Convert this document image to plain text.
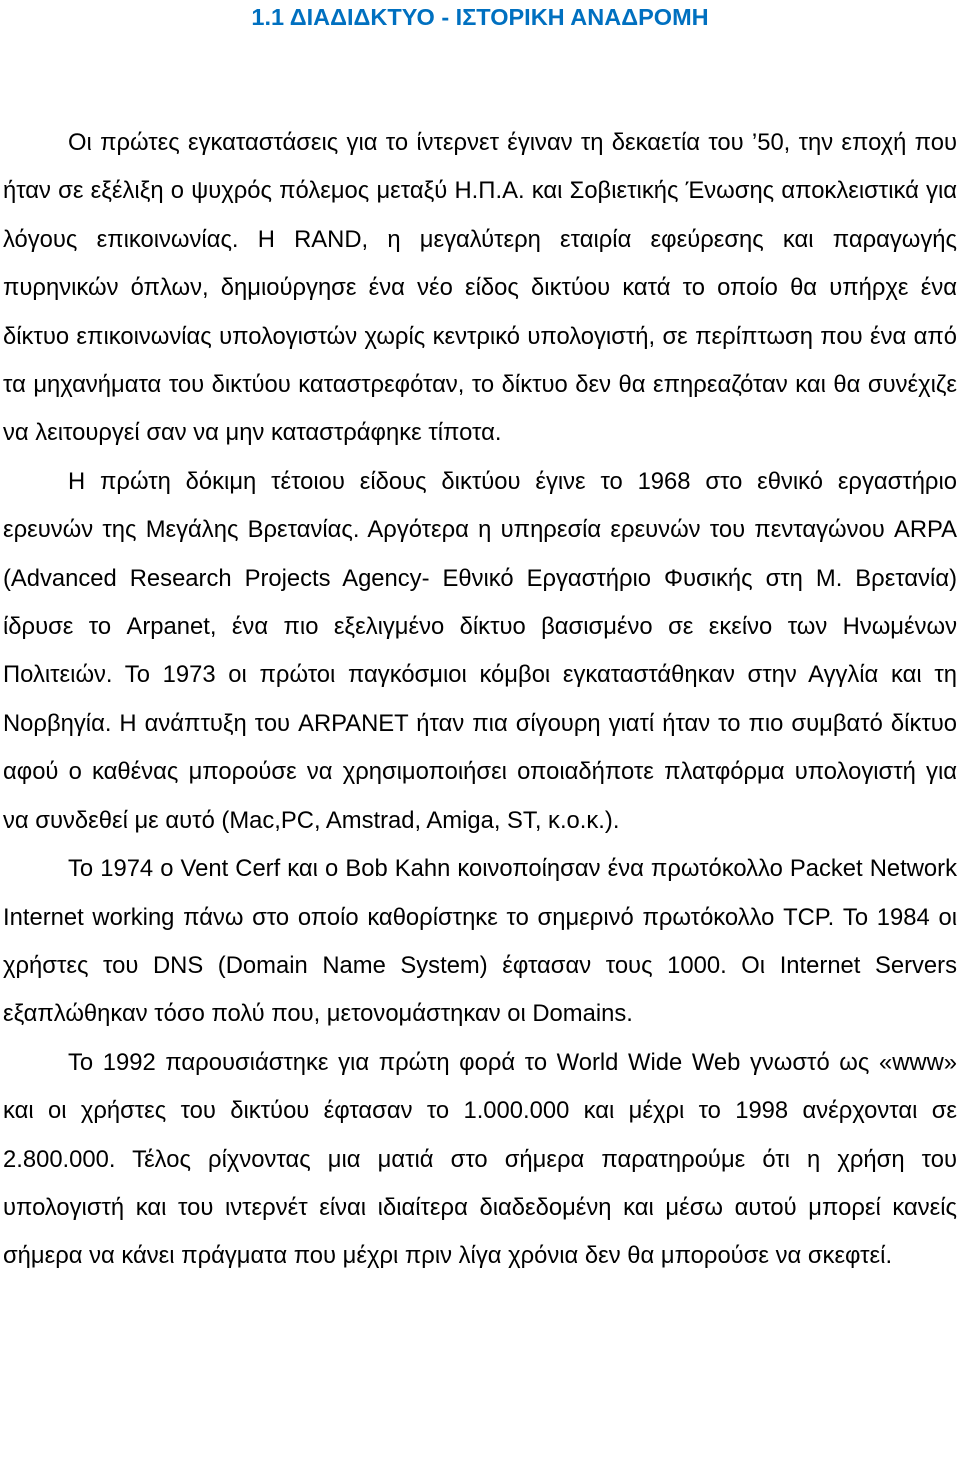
1.1 ΔΙΑΔΙΔΚΤΥΟ - ΙΣΤΟΡΙΚΗ ΑΝΑΔΡΟΜΗ

Οι πρώτες εγκαταστάσεις για το ίντερνετ έγιναν τη δεκαετία του ’50, την εποχή που ήταν σε εξέλιξη ο ψυχρός πόλεμος μεταξύ Η.Π.Α. και Σοβιετικής Ένωσης αποκλειστικά για λόγους επικοινωνίας. Η RAND, η μεγαλύτερη εταιρία εφεύρεσης και παραγωγής πυρηνικών όπλων, δημιούργησε ένα νέο είδος δικτύου κατά το οποίο θα υπήρχε ένα δίκτυο επικοινωνίας υπολογιστών χωρίς κεντρικό υπολογιστή, σε περίπτωση που ένα από τα μηχανήματα του δικτύου καταστρεφόταν, το δίκτυο δεν θα επηρεαζόταν και θα συνέχιζε να λειτουργεί σαν να μην καταστράφηκε τίποτα.

Η πρώτη δόκιμη τέτοιου είδους δικτύου έγινε το 1968 στο εθνικό εργαστήριο ερευνών της Μεγάλης Βρετανίας. Αργότερα η υπηρεσία ερευνών του πενταγώνου ARPA (Advanced Research Projects Agency- Εθνικό Εργαστήριο Φυσικής στη Μ. Βρετανία) ίδρυσε το Arpanet, ένα πιο εξελιγμένο δίκτυο βασισμένο σε εκείνο των Ηνωμένων Πολιτειών. Το 1973 οι πρώτοι παγκόσμιοι κόμβοι εγκαταστάθηκαν στην Αγγλία και τη Νορβηγία. Η ανάπτυξη του ARPANET ήταν πια σίγουρη γιατί ήταν το πιο συμβατό δίκτυο αφού ο καθένας μπορούσε να χρησιμοποιήσει οποιαδήποτε πλατφόρμα υπολογιστή για να συνδεθεί με αυτό (Mac,PC, Amstrad, Amiga, ST, κ.ο.κ.).

Το 1974 ο Vent Cerf και ο Bob Kahn κοινοποίησαν ένα πρωτόκολλο Packet Network Internet working πάνω στο οποίο καθορίστηκε το σημερινό πρωτόκολλο TCP. Το 1984 οι χρήστες του DNS (Domain Name System) έφτασαν τους 1000. Οι Internet Servers εξαπλώθηκαν τόσο πολύ που, μετονομάστηκαν οι Domains.

Το 1992 παρουσιάστηκε για πρώτη φορά το World Wide Web γνωστό ως «www» και οι χρήστες του δικτύου έφτασαν το 1.000.000 και μέχρι το 1998 ανέρχονται σε 2.800.000. Τέλος ρίχνοντας μια ματιά στο σήμερα παρατηρούμε ότι η χρήση του υπολογιστή και του ιντερνέτ είναι ιδιαίτερα διαδεδομένη και μέσω αυτού μπορεί κανείς σήμερα να κάνει πράγματα που μέχρι πριν λίγα χρόνια δεν θα μπορούσε να σκεφτεί.
